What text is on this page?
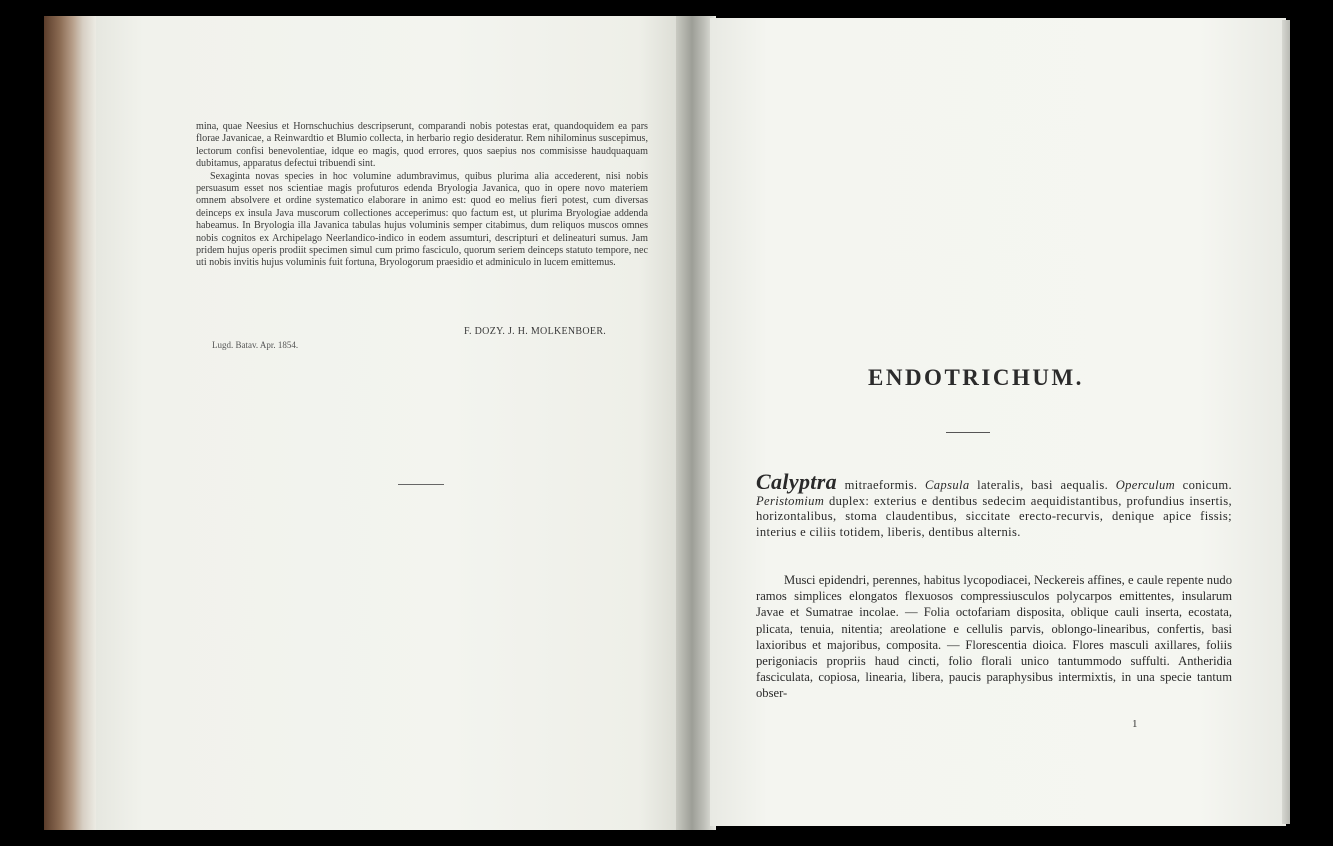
mina, quae Neesius et Hornschuchius descripserunt, comparandi nobis potestas erat, quandoquidem ea pars florae Javanicae, a Reinwardtio et Blumio collecta, in herbario regio desideratur. Rem nihilominus suscepimus, lectorum confisi benevolentiae, idque eo magis, quod errores, quos saepius nos commisisse haudquaquam dubitamus, apparatus defectui tribuendi sint.

Sexaginta novas species in hoc volumine adumbravimus, quibus plurima alia accederent, nisi nobis persuasum esset nos scientiae magis profuturos edenda Bryologia Javanica, quo in opere novo materiem omnem absolvere et ordine systematico elaborare in animo est: quod eo melius fieri potest, cum diversas deinceps ex insula Java muscorum collectiones acceperimus: quo factum est, ut plurima Bryologiae addenda habeamus. In Bryologia illa Javanica tabulas hujus voluminis semper citabimus, dum reliquos muscos omnes nobis cognitos ex Archipelago Neerlandico-indico in eodem assumturi, descripturi et delineaturi sumus. Jam pridem hujus operis prodiit specimen simul cum primo fasciculo, quorum seriem deinceps statuto tempore, nec uti nobis invitis hujus voluminis fuit fortuna, Bryologorum praesidio et adminiculo in lucem emittemus.

F. DOZY. J. H. MOLKENBOER.
Lugd. Batav. Apr. 1854.
ENDOTRICHUM.
Calyptra mitraeformis. Capsula lateralis, basi aequalis. Operculum conicum. Peristomium duplex: exterius e dentibus sedecim aequidistantibus, profundius insertis, horizontalibus, stoma claudentibus, siccitate erecto-recurvis, denique apice fissis; interius e ciliis totidem, liberis, dentibus alternis.

Musci epidendri, perennes, habitus lycopodiacei, Neckereis affines, e caule repente nudo ramos simplices elongatos flexuosos compressiusculos polycarpos emittentes, insularum Javae et Sumatrae incolae. — Folia octofariam disposita, oblique cauli inserta, ecostata, plicata, tenuia, nitentia; areolatione e cellulis parvis, oblongo-linearibus, confertis, basi laxioribus et majoribus, composita. — Florescentia dioica. Flores masculi axillares, foliis perigoniacis propriis haud cincti, folio florali unico tantummodo suffulti. Antheridia fasciculata, copiosa, linearia, libera, paucis paraphysibus intermixtis, in una specie tantum obser-

1
